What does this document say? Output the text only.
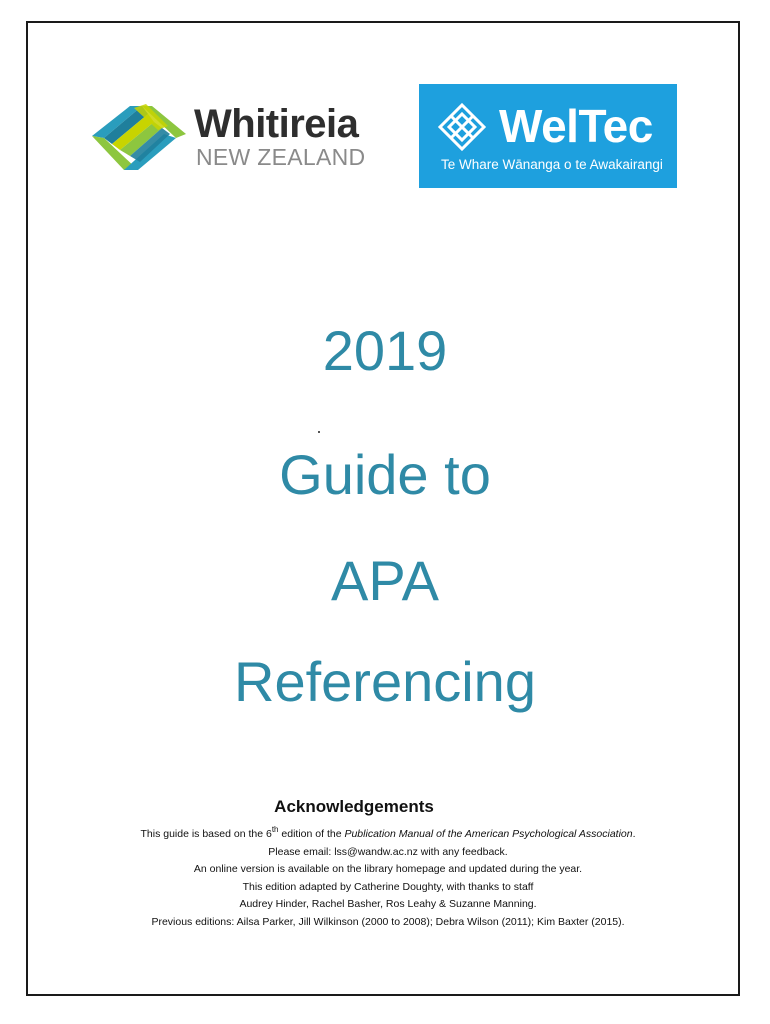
Whitireia
NEW ZEALAND
WelTec
Te Whare Wānanga o te Awakairangi
2019
Guide to
APA
Referencing
Acknowledgements
This guide is based on the 6th edition of the Publication Manual of the American Psychological Association.
Please email: lss@wandw.ac.nz with any feedback.
An online version is available on the library homepage and updated during the year.
This edition adapted by Catherine Doughty, with thanks to staff
Audrey Hinder, Rachel Basher, Ros Leahy & Suzanne Manning.
Previous editions: Ailsa Parker, Jill Wilkinson (2000 to 2008); Debra Wilson (2011); Kim Baxter (2015).
